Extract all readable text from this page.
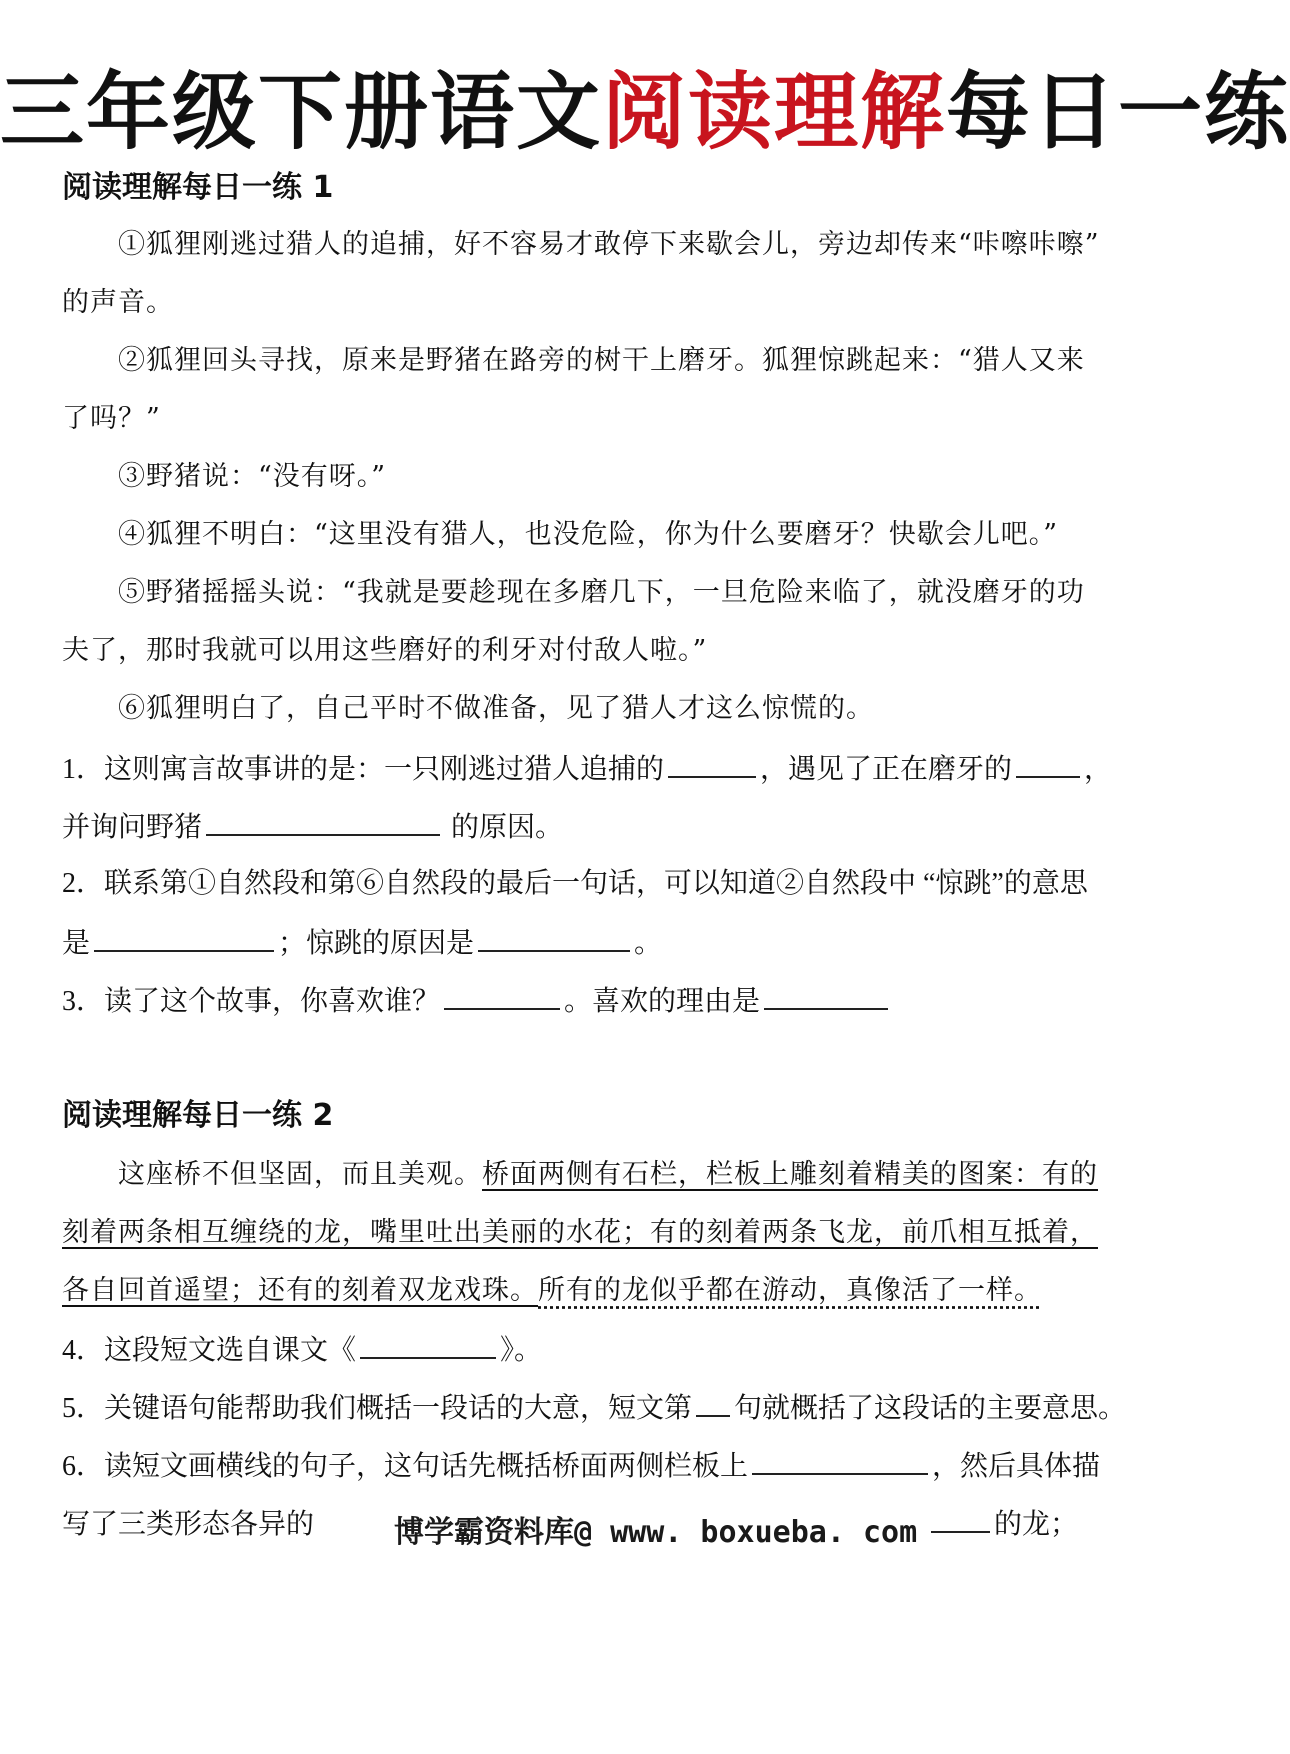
三年级下册语文阅读理解每日一练
阅读理解每日一练 1
①狐狸刚逃过猎人的追捕，好不容易才敢停下来歇会儿，旁边却传来“咔嚓咔嚓”
的声音。
②狐狸回头寻找，原来是野猪在路旁的树干上磨牙。狐狸惊跳起来：“猎人又来
了吗？”
③野猪说：“没有呀。”
④狐狸不明白：“这里没有猎人，也没危险，你为什么要磨牙？快歇会儿吧。”
⑤野猪摇摇头说：“我就是要趁现在多磨几下，一旦危险来临了，就没磨牙的功
夫了，那时我就可以用这些磨好的利牙对付敌人啦。”
⑥狐狸明白了，自己平时不做准备，见了猎人才这么惊慌的。
1．这则寓言故事讲的是：一只刚逃过猎人追捕的	，遇见了正在磨牙的	，
并询问野猪	的原因。
2．联系第①自然段和第⑥自然段的最后一句话，可以知道②自然段中 “惊跳”的意思
是	；惊跳的原因是	。
3．读了这个故事，你喜欢谁？	。喜欢的理由是
阅读理解每日一练 2
这座桥不但坚固，而且美观。桥面两侧有石栏，栏板上雕刻着精美的图案：有的
刻着两条相互缠绕的龙，嘴里吐出美丽的水花；有的刻着两条飞龙，前爪相互抵着，
各自回首遥望；还有的刻着双龙戏珠。所有的龙似乎都在游动，真像活了一样。
4．这段短文选自课文《	》。
5．关键语句能帮助我们概括一段话的大意，短文第 句就概括了这段话的主要意思。
6．读短文画横线的句子，这句话先概括桥面两侧栏板上	，然后具体描
写了三类形态各异的	的龙；
博学霸资料库@ www. boxueba. com
